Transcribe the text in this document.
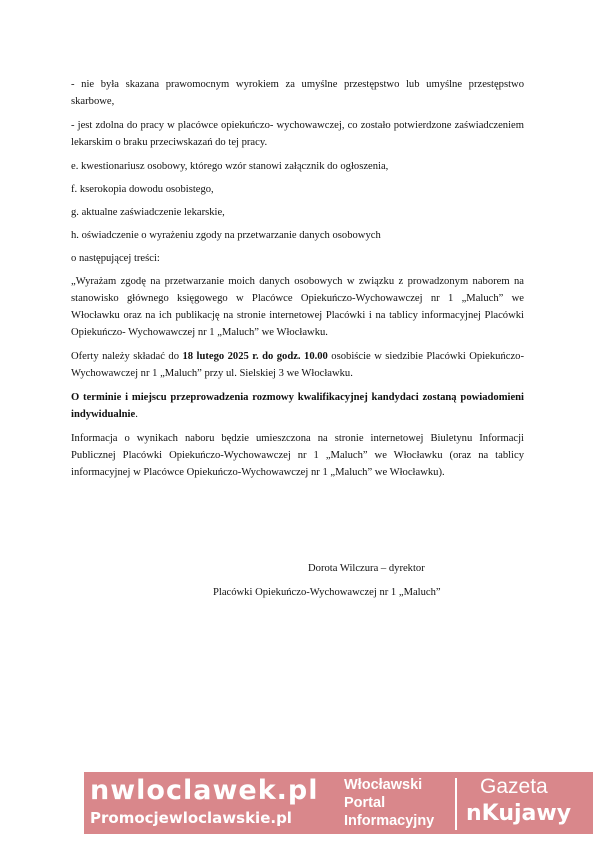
- nie była skazana prawomocnym wyrokiem za umyślne przestępstwo lub umyślne przestępstwo skarbowe,

- jest zdolna do pracy w placówce opiekuńczo- wychowawczej, co zostało potwierdzone zaświadczeniem lekarskim o braku przeciwskazań do tej pracy.

e. kwestionariusz osobowy, którego wzór stanowi załącznik do ogłoszenia,

f. kserokopia dowodu osobistego,

g. aktualne zaświadczenie lekarskie,

h. oświadczenie o wyrażeniu zgody na przetwarzanie danych osobowych

o następującej treści:

„Wyrażam zgodę na przetwarzanie moich danych osobowych w związku z prowadzonym naborem na stanowisko głównego księgowego w Placówce Opiekuńczo-Wychowawczej nr 1 „Maluch” we Włocławku oraz na ich publikację na stronie internetowej Placówki i na tablicy informacyjnej Placówki Opiekuńczo- Wychowawczej nr 1 „Maluch” we Włocławku.

Oferty należy składać do 18 lutego 2025 r. do godz. 10.00 osobiście w siedzibie Placówki Opiekuńczo- Wychowawczej nr 1 „Maluch” przy ul. Sielskiej 3 we Włocławku.

O terminie i miejscu przeprowadzenia rozmowy kwalifikacyjnej kandydaci zostaną powiadomieni indywidualnie.

Informacja o wynikach naboru będzie umieszczona na stronie internetowej Biuletynu Informacji Publicznej Placówki Opiekuńczo-Wychowawczej nr 1 „Maluch” we Włocławku (oraz na tablicy informacyjnej w Placówce Opiekuńczo-Wychowawczej nr 1 „Maluch” we Włocławku).

Dorota Wilczura – dyrektor
Placówki Opiekuńczo-Wychowawczej nr 1 „Maluch”
nwloclawek.pl
Promocjewloclawskie.pl
Włocławski
Portal
Informacyjny
Gazeta
nKujawy
